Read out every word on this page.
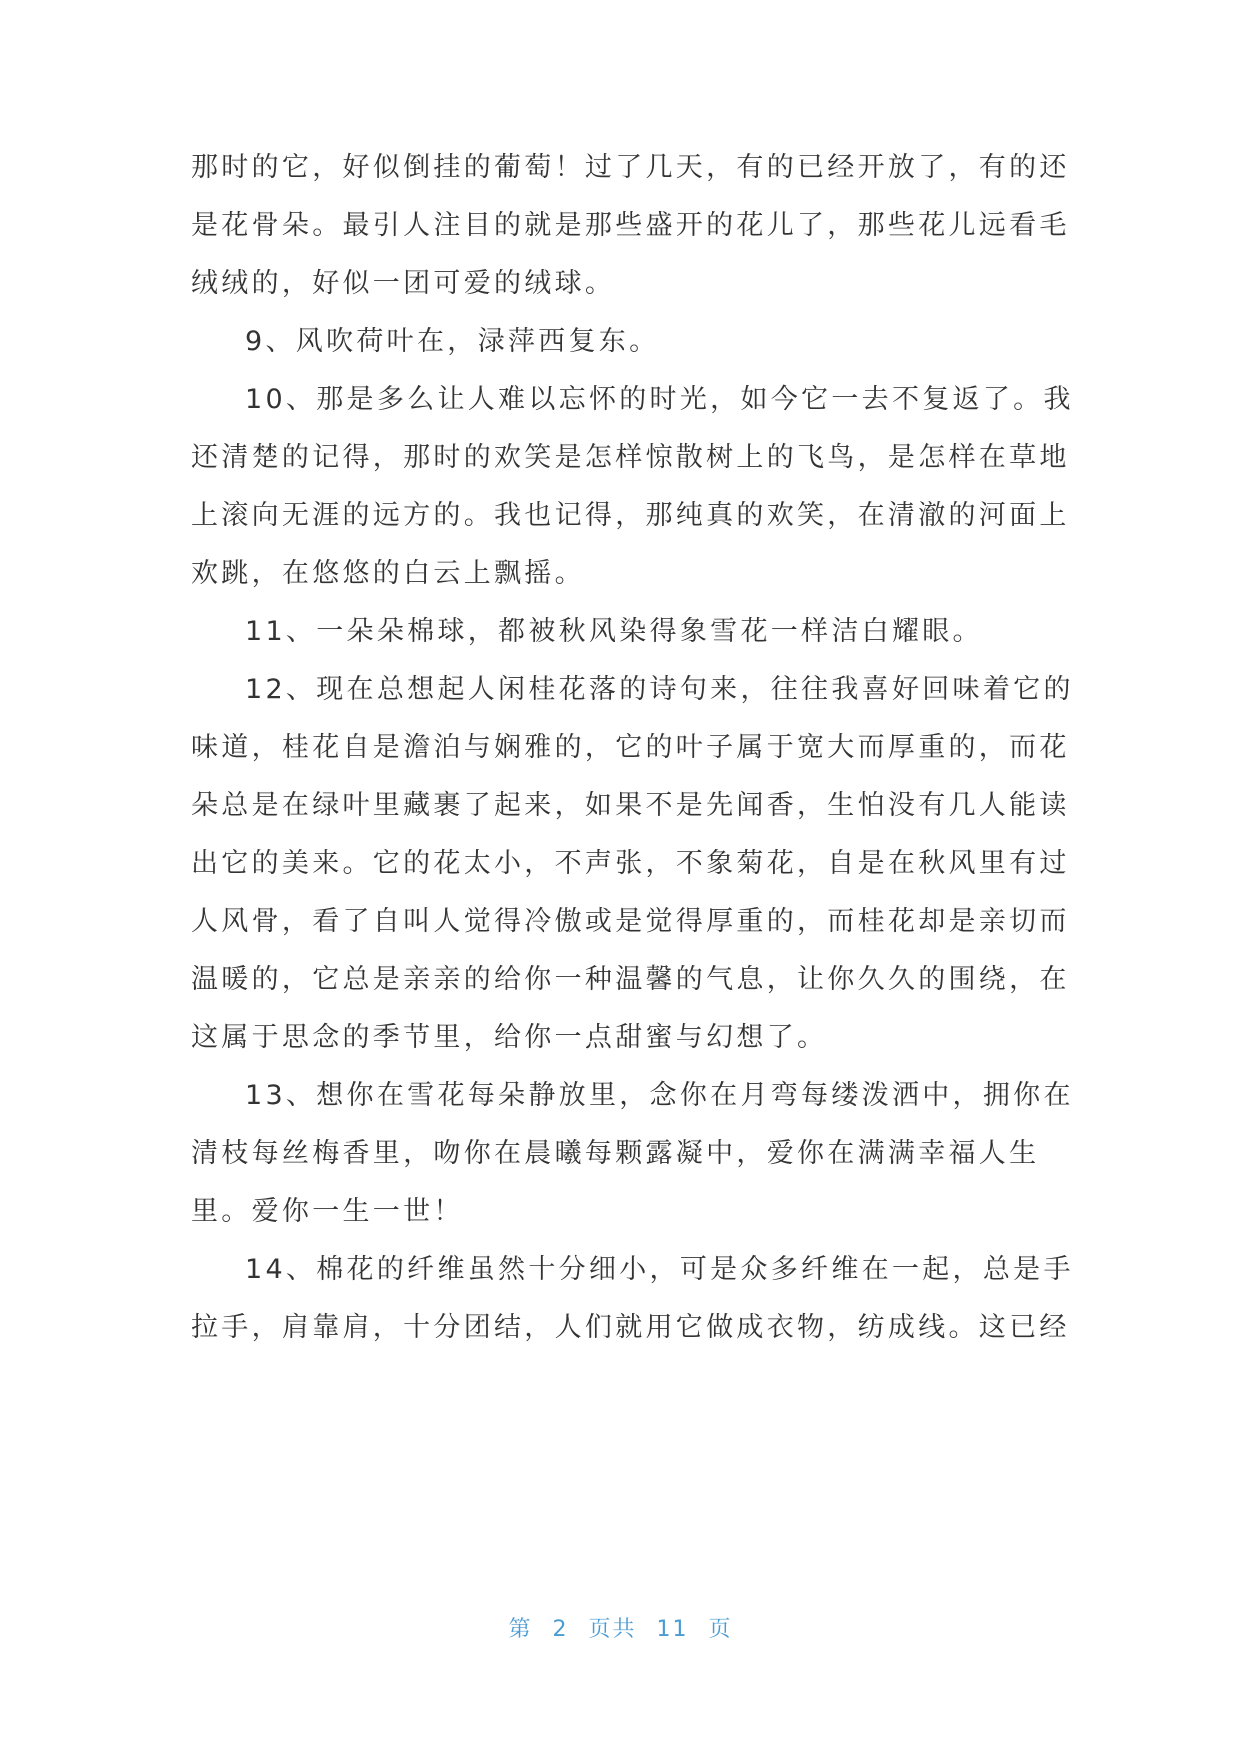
那时的它，好似倒挂的葡萄！过了几天，有的已经开放了，有的还
是花骨朵。最引人注目的就是那些盛开的花儿了，那些花儿远看毛
绒绒的，好似一团可爱的绒球。
9、风吹荷叶在，渌萍西复东。
10、那是多么让人难以忘怀的时光，如今它一去不复返了。我
还清楚的记得，那时的欢笑是怎样惊散树上的飞鸟，是怎样在草地
上滚向无涯的远方的。我也记得，那纯真的欢笑，在清澈的河面上
欢跳，在悠悠的白云上飘摇。
11、一朵朵棉球，都被秋风染得象雪花一样洁白耀眼。
12、现在总想起人闲桂花落的诗句来，往往我喜好回味着它的
味道，桂花自是澹泊与娴雅的，它的叶子属于宽大而厚重的，而花
朵总是在绿叶里藏裹了起来，如果不是先闻香，生怕没有几人能读
出它的美来。它的花太小，不声张，不象菊花，自是在秋风里有过
人风骨，看了自叫人觉得冷傲或是觉得厚重的，而桂花却是亲切而
温暖的，它总是亲亲的给你一种温馨的气息，让你久久的围绕，在
这属于思念的季节里，给你一点甜蜜与幻想了。
13、想你在雪花每朵静放里，念你在月弯每缕泼洒中，拥你在
清枝每丝梅香里，吻你在晨曦每颗露凝中，爱你在满满幸福人生
里。爱你一生一世！
14、棉花的纤维虽然十分细小，可是众多纤维在一起，总是手
拉手，肩靠肩，十分团结，人们就用它做成衣物，纺成线。这已经
第 2 页共 11 页
